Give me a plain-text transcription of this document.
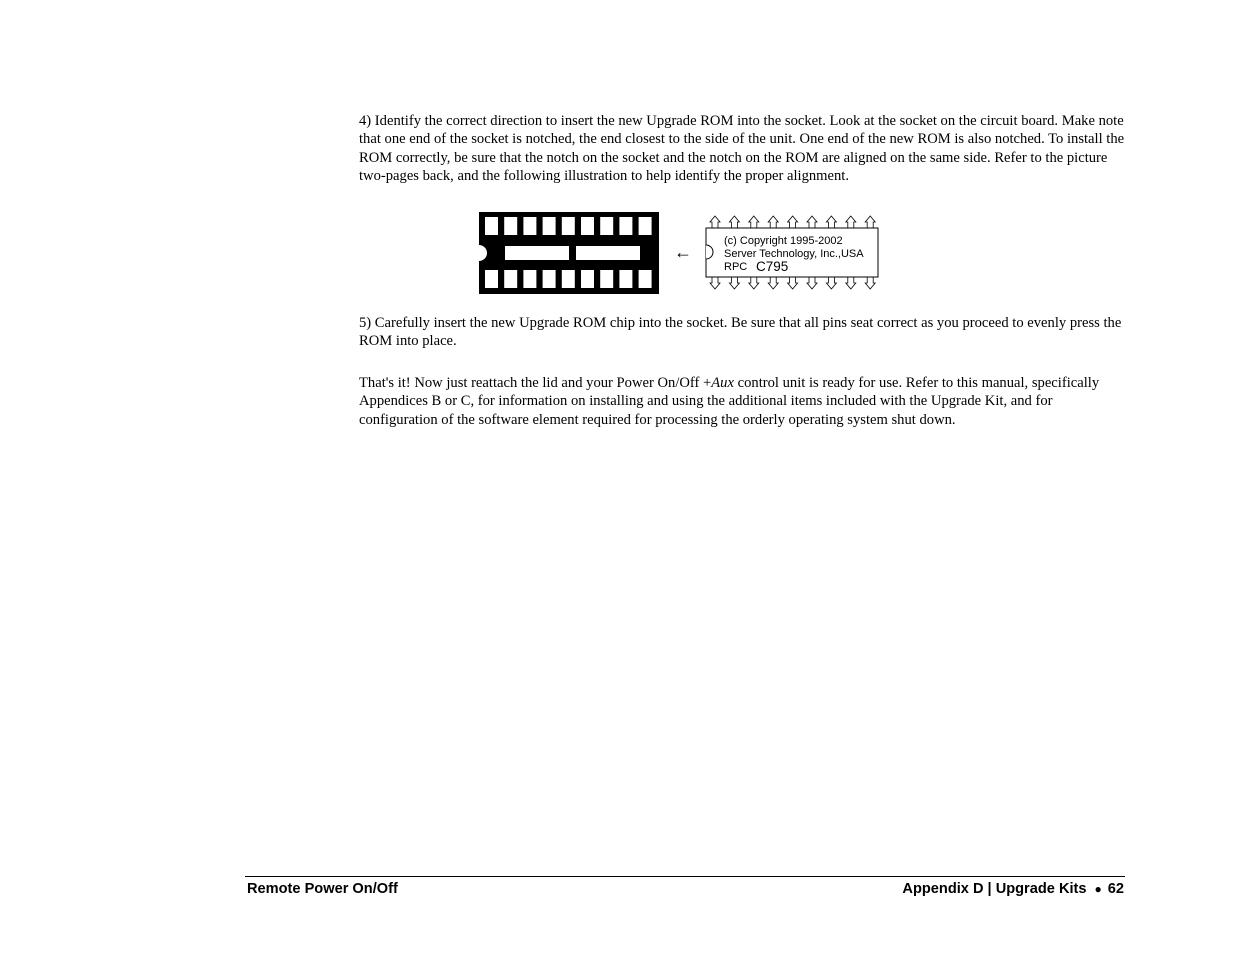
4) Identify the correct direction to insert the new Upgrade ROM into the socket. Look at the socket on the circuit board. Make note that one end of the socket is notched, the end closest to the side of the unit. One end of the new ROM is also notched. To install the ROM correctly, be sure that the notch on the socket and the notch on the ROM are aligned on the same side. Refer to the picture two-pages back, and the following illustration to help identify the proper alignment.

←
(c) Copyright 1995-2002
Server Technology, Inc.,USA
RPC C795

5) Carefully insert the new Upgrade ROM chip into the socket. Be sure that all pins seat correct as you proceed to evenly press the ROM into place.

That's it! Now just reattach the lid and your Power On/Off +Aux control unit is ready for use. Refer to this manual, specifically Appendices B or C, for information on installing and using the additional items included with the Upgrade Kit, and for configuration of the software element required for processing the orderly operating system shut down.

Remote Power On/Off	Appendix D | Upgrade Kits ● 62
